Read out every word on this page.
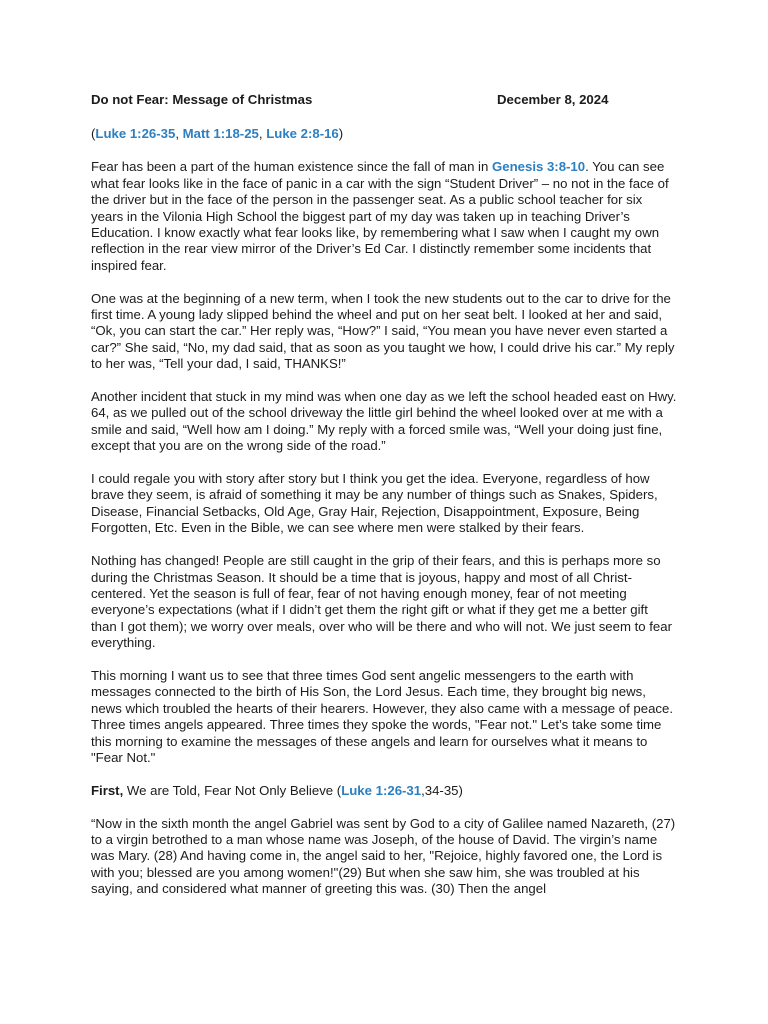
Do not Fear: Message of Christmas	December 8, 2024

(Luke 1:26-35, Matt 1:18-25, Luke 2:8-16)

Fear has been a part of the human existence since the fall of man in Genesis 3:8-10. You can see what fear looks like in the face of panic in a car with the sign “Student Driver” – no not in the face of the driver but in the face of the person in the passenger seat. As a public school teacher for six years in the Vilonia High School the biggest part of my day was taken up in teaching Driver’s Education. I know exactly what fear looks like, by remembering what I saw when I caught my own reflection in the rear view mirror of the Driver’s Ed Car. I distinctly remember some incidents that inspired fear.

One was at the beginning of a new term, when I took the new students out to the car to drive for the first time. A young lady slipped behind the wheel and put on her seat belt. I looked at her and said, “Ok, you can start the car.” Her reply was, “How?” I said, “You mean you have never even started a car?” She said, “No, my dad said, that as soon as you taught we how, I could drive his car.” My reply to her was, “Tell your dad, I said, THANKS!”

Another incident that stuck in my mind was when one day as we left the school headed east on Hwy. 64, as we pulled out of the school driveway the little girl behind the wheel looked over at me with a smile and said, “Well how am I doing.” My reply with a forced smile was, “Well your doing just fine, except that you are on the wrong side of the road.”

I could regale you with story after story but I think you get the idea. Everyone, regardless of how brave they seem, is afraid of something it may be any number of things such as Snakes, Spiders, Disease, Financial Setbacks, Old Age, Gray Hair, Rejection, Disappointment, Exposure, Being Forgotten, Etc. Even in the Bible, we can see where men were stalked by their fears.

Nothing has changed! People are still caught in the grip of their fears, and this is perhaps more so during the Christmas Season. It should be a time that is joyous, happy and most of all Christ-centered. Yet the season is full of fear, fear of not having enough money, fear of not meeting everyone’s expectations (what if I didn’t get them the right gift or what if they get me a better gift than I got them); we worry over meals, over who will be there and who will not. We just seem to fear everything.

This morning I want us to see that three times God sent angelic messengers to the earth with messages connected to the birth of His Son, the Lord Jesus. Each time, they brought big news, news which troubled the hearts of their hearers. However, they also came with a message of peace. Three times angels appeared. Three times they spoke the words, "Fear not." Let’s take some time this morning to examine the messages of these angels and learn for ourselves what it means to "Fear Not."

First, We are Told, Fear Not Only Believe (Luke 1:26-31,34-35)

“Now in the sixth month the angel Gabriel was sent by God to a city of Galilee named Nazareth, (27) to a virgin betrothed to a man whose name was Joseph, of the house of David. The virgin’s name was Mary. (28) And having come in, the angel said to her, "Rejoice, highly favored one, the Lord is with you; blessed are you among women!"(29) But when she saw him, she was troubled at his saying, and considered what manner of greeting this was. (30) Then the angel
